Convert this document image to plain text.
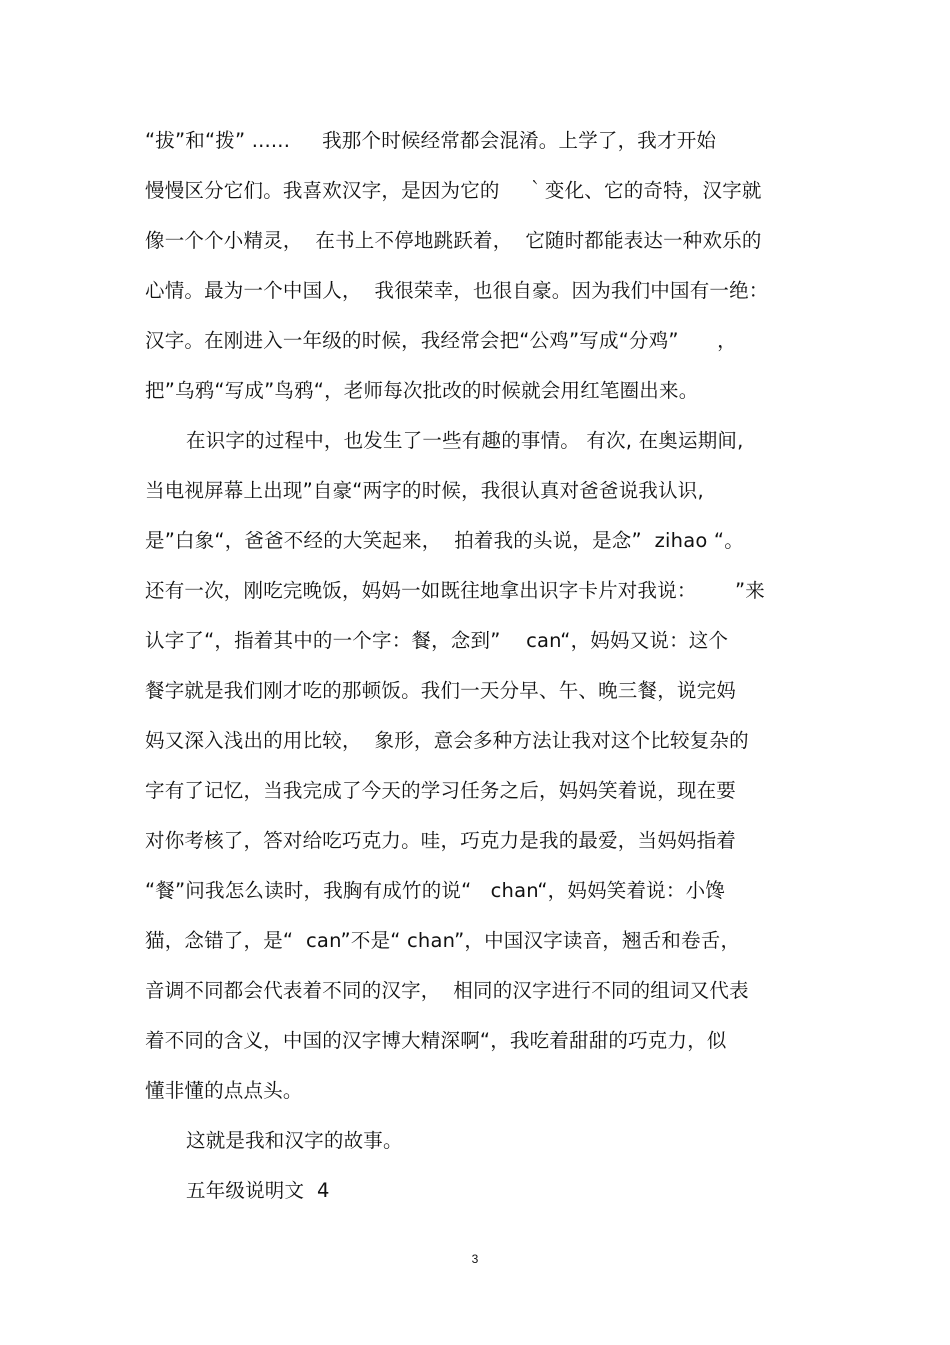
“拔”和“拨” ......     我那个时候经常都会混淆。上学了，我才开始
慢慢区分它们。我喜欢汉字，是因为它的    ｀变化、它的奇特，汉字就
像一个个小精灵，  在书上不停地跳跃着，  它随时都能表达一种欢乐的
心情。最为一个中国人，  我很荣幸，也很自豪。因为我们中国有一绝：
汉字。在刚进入一年级的时候，我经常会把“公鸡”写成“分鸡”      ，
把”乌鸦“写成”鸟鸦“，老师每次批改的时候就会用红笔圈出来。
在识字的过程中，也发生了一些有趣的事情。 有次, 在奥运期间,
当电视屏幕上出现”自豪“两字的时候，我很认真对爸爸说我认识,
是”白象“，爸爸不经的大笑起来，  拍着我的头说，是念”  zihao “。
还有一次，刚吃完晚饭，妈妈一如既往地拿出识字卡片对我说：      ”来
认字了“，指着其中的一个字：餐，念到”    can“，妈妈又说：这个
餐字就是我们刚才吃的那顿饭。我们一天分早、午、晚三餐，说完妈
妈又深入浅出的用比较，  象形，意会多种方法让我对这个比较复杂的
字有了记忆，当我完成了今天的学习任务之后，妈妈笑着说，现在要
对你考核了，答对给吃巧克力。哇，巧克力是我的最爱，当妈妈指着
“餐”问我怎么读时，我胸有成竹的说“   chan“，妈妈笑着说：小馋
猫，念错了，是“  can”不是“ chan”，中国汉字读音，翘舌和卷舌，
音调不同都会代表着不同的汉字，  相同的汉字进行不同的组词又代表
着不同的含义，中国的汉字博大精深啊“，我吃着甜甜的巧克力，似
懂非懂的点点头。
这就是我和汉字的故事。
五年级说明文  4
3
